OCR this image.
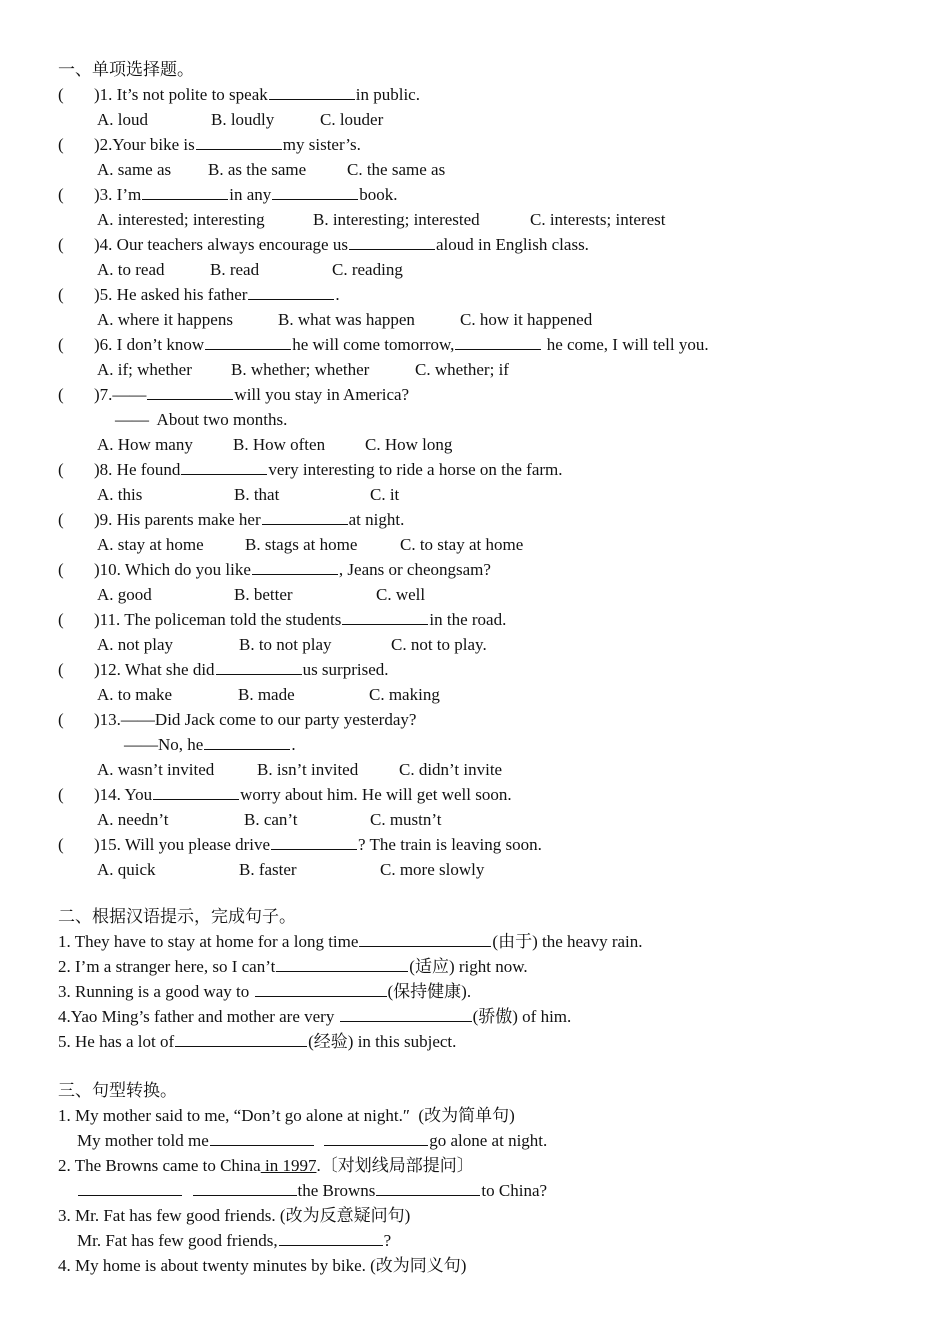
一、单项选择题。
( )1. It’s not polite to speak	in public.
A. loud	B. loudly	C. louder
( )2.Your bike is	my sister’s.
A. same as B. as the same C. the same as
( )3. I’m	in any	book.
A. interested; interesting	B. interesting; interested	C. interests; interest
( )4. Our teachers always encourage us	aloud in English class.
A. to read	B. read	C. reading
( )5. He asked his father	.
A. where it happens	B. what was happen	C. how it happened
( )6. I don’t know	he will come tomorrow,	he come, I will tell you.
A. if; whether B. whether; whether	C. whether; if
( )7.——	will you stay in America?
——  About two months.
A. How many B. How often C. How long
( )8. He found	very interesting to ride a horse on the farm.
A. this	B. that	C. it
( )9. His parents make her	at night.
A. stay at home B. stags at home	C. to stay at home
( )10. Which do you like	, Jeans or cheongsam?
A. good	B. better	C. well
( )11. The policeman told the students	in the road.
A. not play	B. to not play	C. not to play.
( )12. What she did	us surprised.
A. to make	B. made	C. making
( )13.——Did Jack come to our party yesterday?
——No, he	.
A. wasn’t invited	B. isn’t invited C. didn’t invite
( )14. You	worry about him. He will get well soon.
A. needn’t	B. can’t	C. mustn’t
( )15. Will you please drive	? The train is leaving soon.
A. quick	B. faster	C. more slowly
二、根据汉语提示，完成句子。
1. They have to stay at home for a long time	(由于) the heavy rain.
2. I’m a stranger here, so I can’t	(适应) right now.
3. Running is a good way to	(保持健康).
4.Yao Ming’s father and mother are very	(骄傲) of him.
5. He has a lot of	(经验) in this subject.
三、句型转换。
1. My mother said to me, “Don’t go alone at night.″  (改为简单句)
My mother told me	go alone at night.
2. The Browns came to China in 1997.〔对划线局部提问〕
the Browns	to China?
3. Mr. Fat has few good friends. (改为反意疑问句)
Mr. Fat has few good friends,	?
4. My home is about twenty minutes by bike. (改为同义句)
